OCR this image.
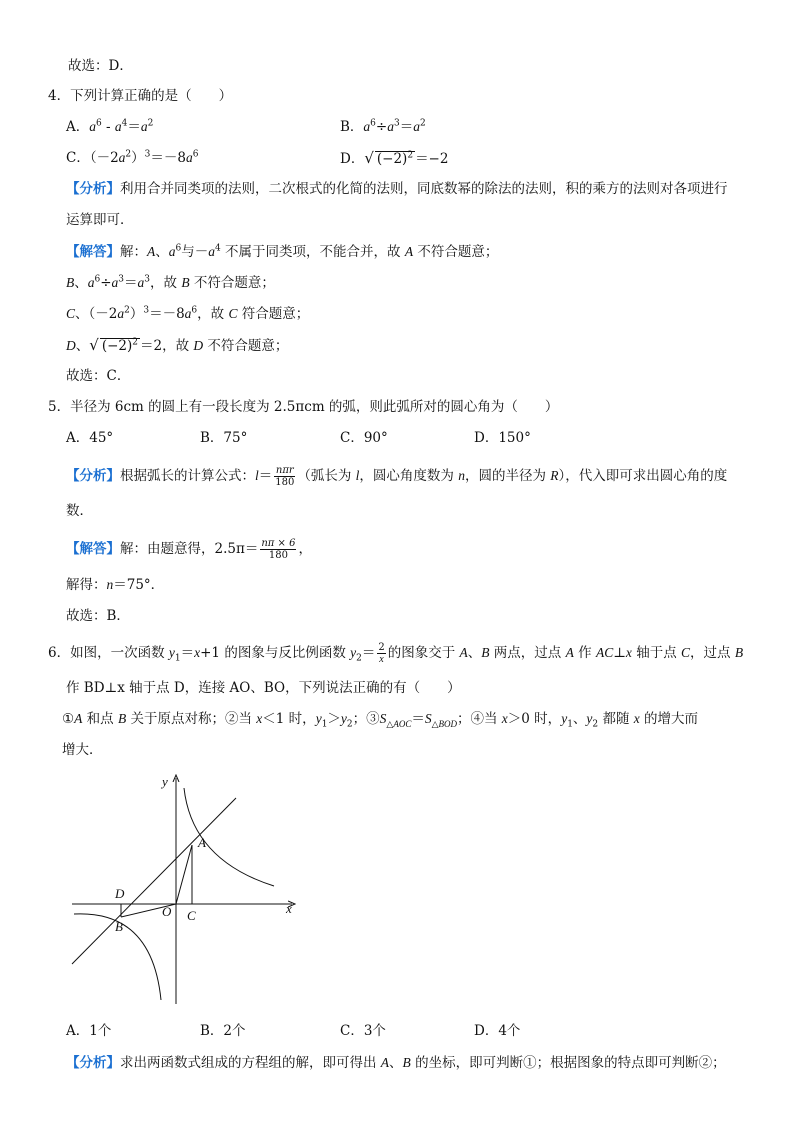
故选：D．
4．下列计算正确的是（　　）
A．$a^6 - a^4=a^2$	B．$a^6\div a^3=a^2$
C．$(-2a^2)^3=-8a^6$	D．√ $(-2)^2 =-2$
【分析】利用合并同类项的法则，二次根式的化简的法则，同底数幂的除法的法则，积的乘方的法则对各项进行
运算即可．
【解答】解：A、$a^6$与$-a^4$ 不属于同类项，不能合并，故 A 不符合题意；
B、$a^6\div a^3=a^3$，故 B 不符合题意；
C、$(-2a^2)^3=-8a^6$，故 C 符合题意；
D、√ $(-2)^2 =2$，故 D 不符合题意；
故选：C．
5．半径为 6cm 的圆上有一段长度为 2.5πcm 的弧，则此弧所对的圆心角为（　　）
A．45°	B．75°	C．90°	D．150°
【分析】根据弧长的计算公式：$l= \frac{\text{nπr}}{180}$ （弧长为 l，圆心角度数为 n，圆的半径为 R），代入即可求出圆心角的度
数．
【解答】解：由题意得，$2.5\pi= \frac{n\pi \times 6}{180}$ ，
解得：n＝75°．
故选：B．
6．如图，一次函数 $y_1=x+1$ 的图象与反比例函数 $y_2= \frac{2}{x}$ 的图象交于 A、B 两点，过点 A 作 AC⊥x 轴于点 C，过点 B
作 BD⊥x 轴于点 D，连接 AO、BO，下列说法正确的有（　　）
①A 和点 B 关于原点对称；②当 x＜1 时，$y_1>y_2$；$③S_{\triangle AOC}=S_{\triangle BOD}$；④当 x＞0 时，$y_1$、$y_2$ 都随 x 的增大而
增大．
y
x
A
B
C
D
O
A．1个	B．2个	C．3个	D．4个
【分析】求出两函数式组成的方程组的解，即可得出 A、B 的坐标，即可判断①；根据图象的特点即可判断②；
